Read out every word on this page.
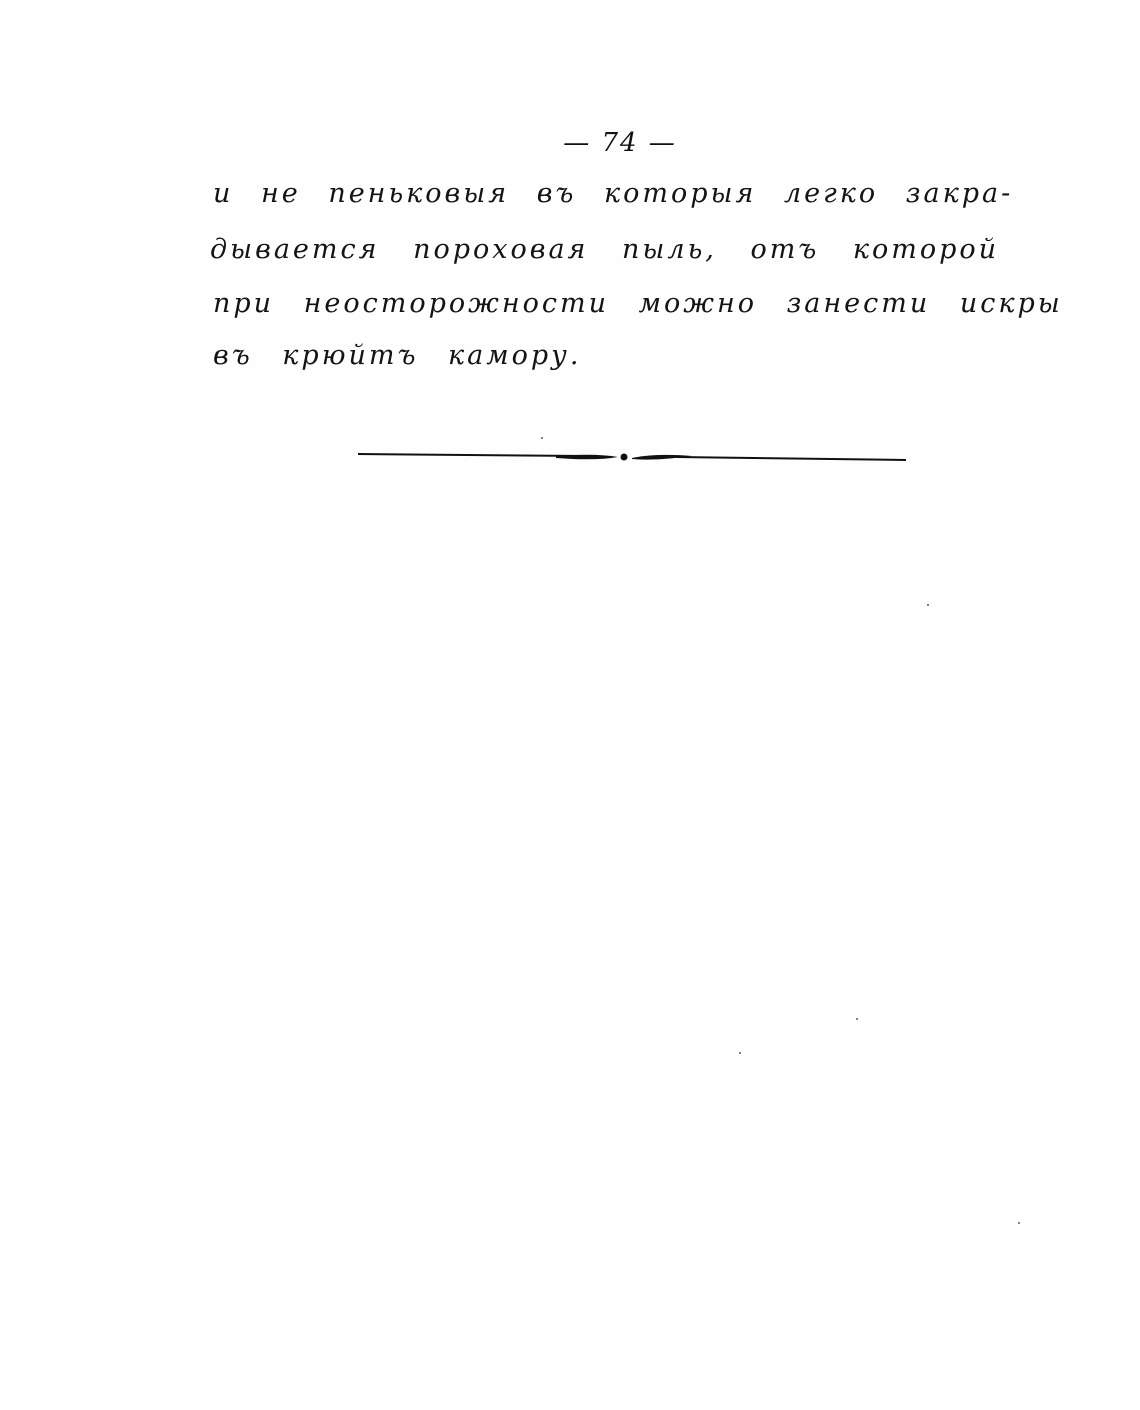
— 74 —
и не пеньковыя въ которыя легко закра-
дывается пороховая пыль, отъ которой
при неосторожности можно занести искры
въ крюйтъ камору.
